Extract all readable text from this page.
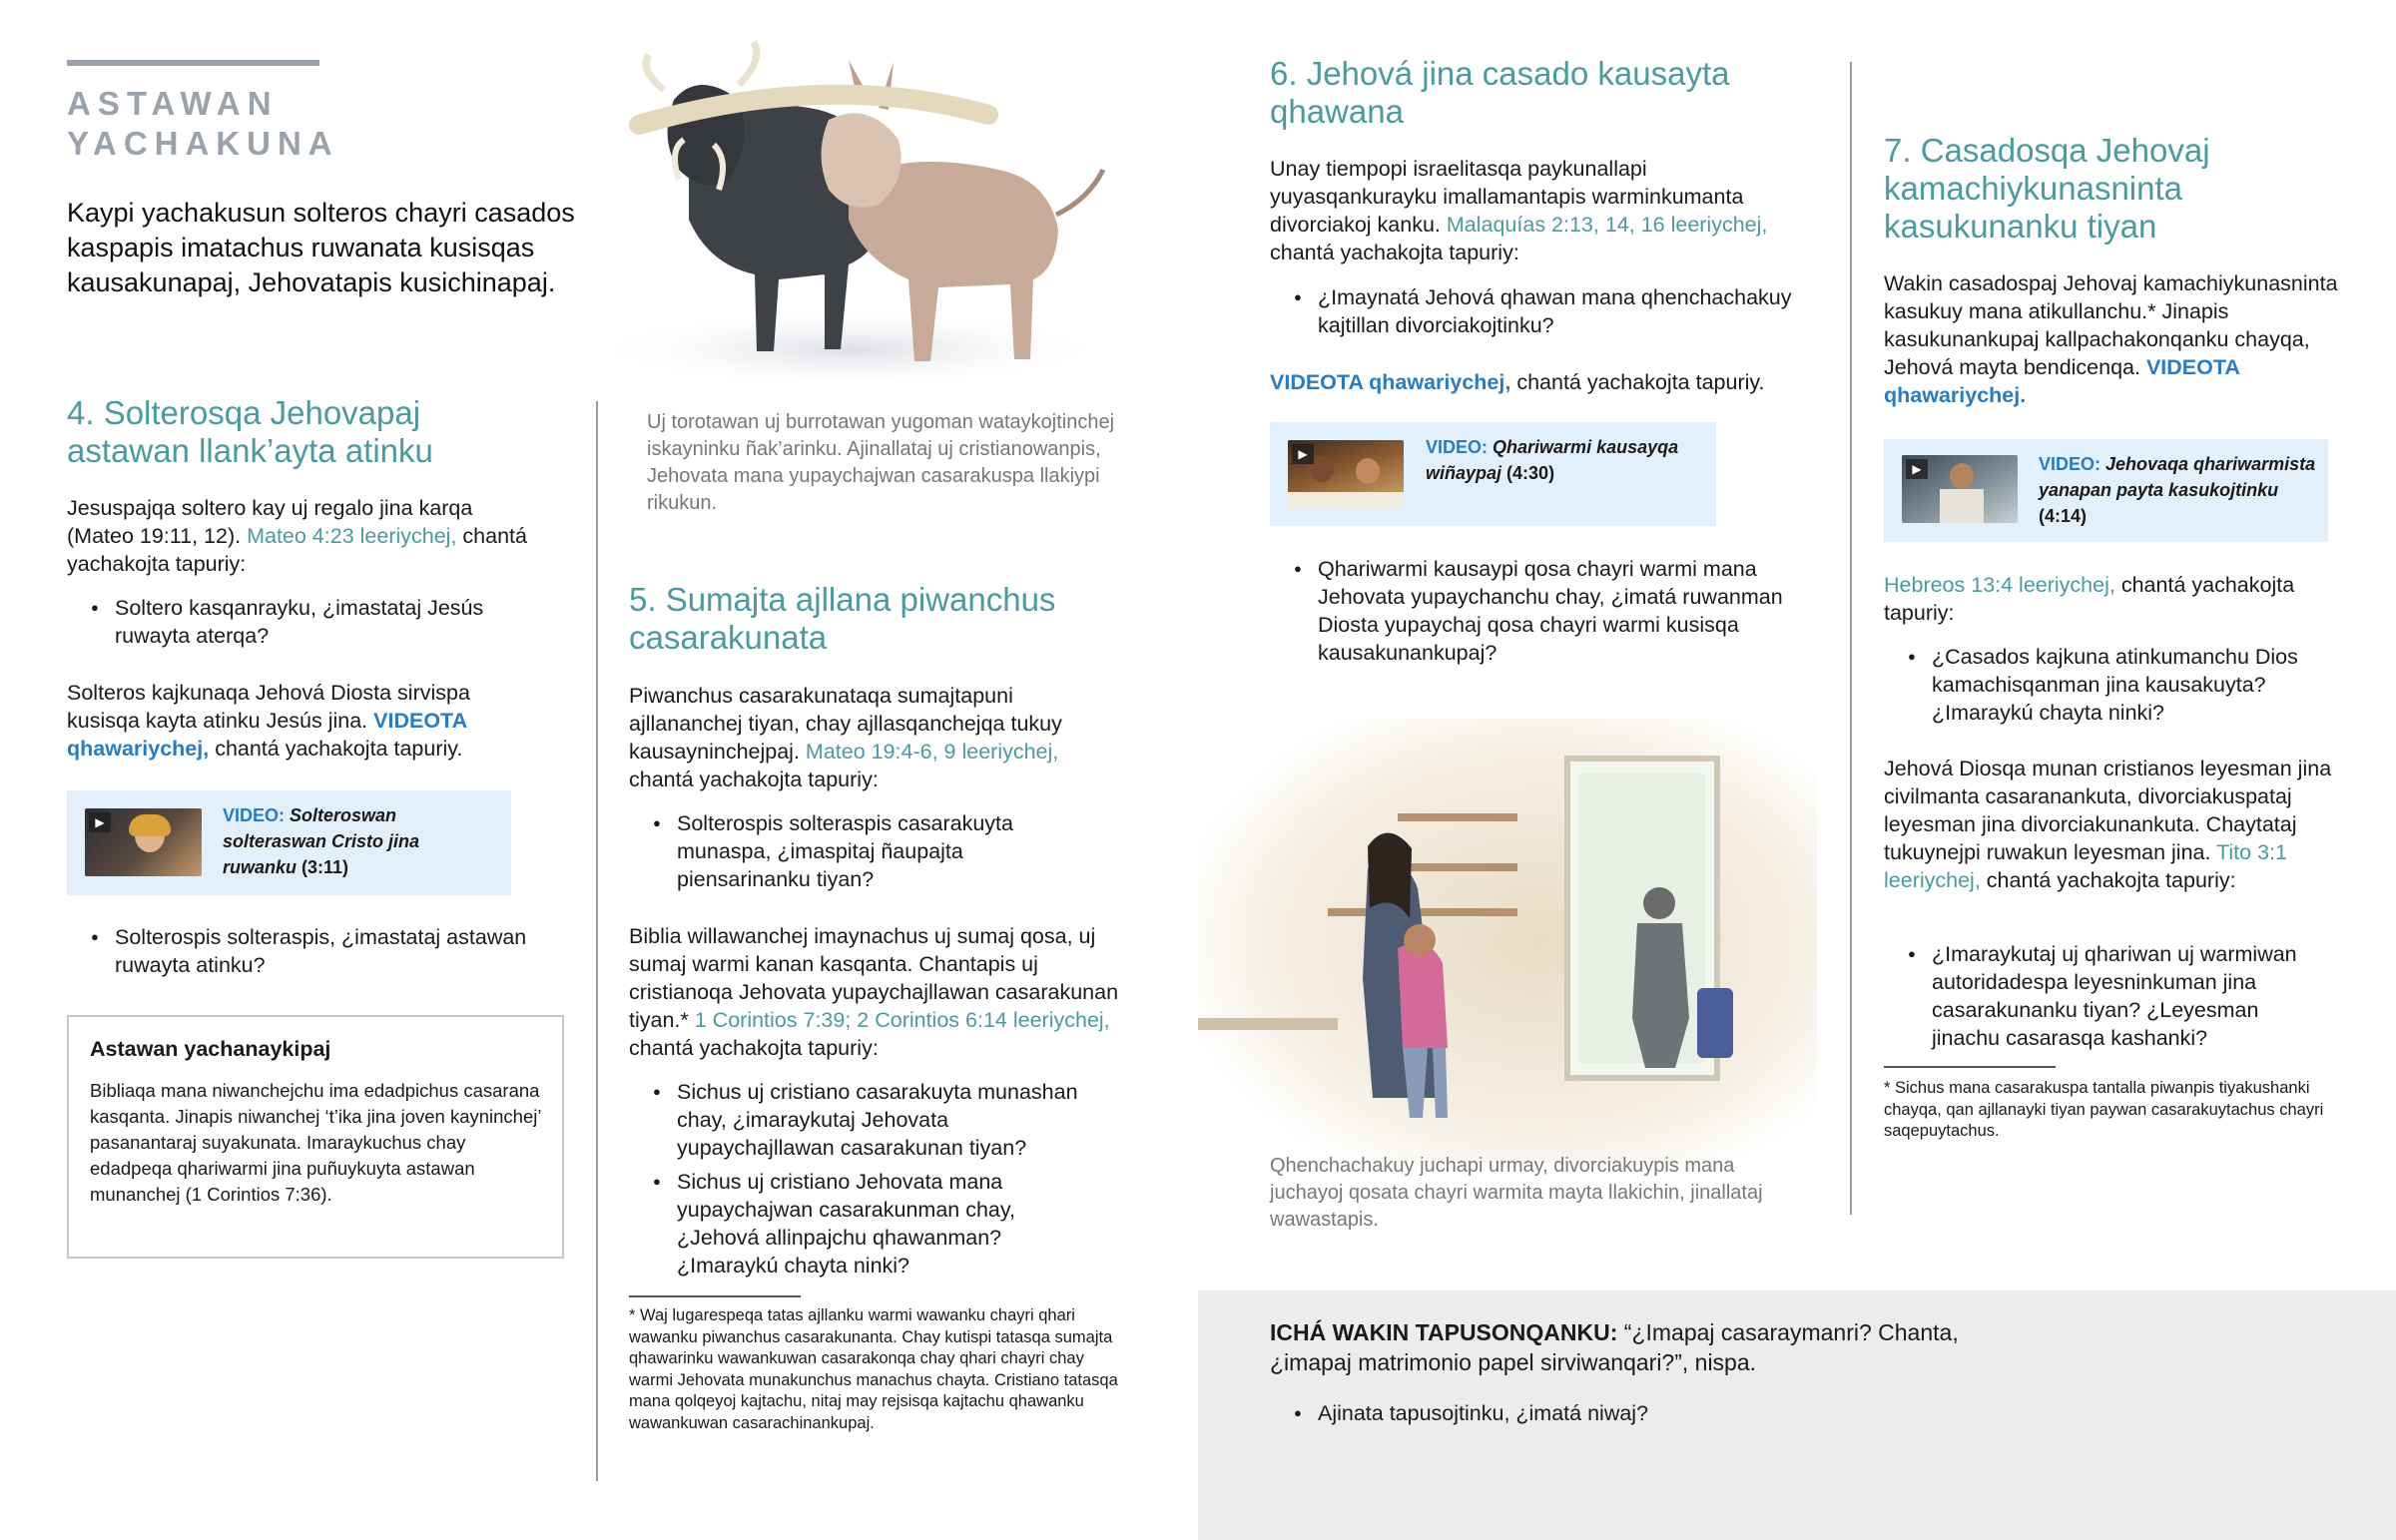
ASTAWAN
YACHAKUNA

Kaypi yachakusun solteros chayri casados kaspapis imatachus ruwanata kusisqas kausakunapaj, Jehovatapis kusichinapaj.

4. Solterosqa Jehovapaj astawan llank’ayta atinku

Jesuspajqa soltero kay uj regalo jina karqa (Mateo 19:11, 12). Mateo 4:23 leeriychej, chantá yachakojta tapuriy:

● Soltero kasqanrayku, ¿imastataj Jesús ruwayta aterqa?

Solteros kajkunaqa Jehová Diosta sirvispa kusisqa kayta atinku Jesús jina. VIDEOTA qhawariychej, chantá yachakojta tapuriy.

▶	VIDEO: Solteroswan solteraswan Cristo jina ruwanku (3:11)
● Solterospis solteraspis, ¿imastataj astawan ruwayta atinku?
Astawan yachanaykipaj
Bibliaqa mana niwanchejchu ima edadpichus casarana kasqanta. Jinapis niwanchej ‘t’ika jina joven kayninchej’ pasanantaraj suyakunata. Imaraykuchus chay edadpeqa qhariwarmi jina puñuykuyta astawan munanchej (1 Corintios 7:36).

Uj torotawan uj burrotawan yugoman wataykojtinchej iskayninku ñak’arinku. Ajinallataj uj cristianowanpis, Jehovata mana yupaychajwan casarakuspa llakiypi rikukun.

5. Sumajta ajllana piwanchus casarakunata

Piwanchus casarakunataqa sumajtapuni ajllananchej tiyan, chay ajllasqanchejqa tukuy kausayninchejpaj. Mateo 19:4-6, 9 leeriychej, chantá yachakojta tapuriy:

● Solterospis solteraspis casarakuyta munaspa, ¿imaspitaj ñaupajta piensarinanku tiyan?

Biblia willawanchej imaynachus uj sumaj qosa, uj sumaj warmi kanan kasqanta. Chantapis uj cristianoqa Jehovata yupaychajllawan casarakunan tiyan.* 1 Corintios 7:39; 2 Corintios 6:14 leeriychej, chantá yachakojta tapuriy:

● Sichus uj cristiano casarakuyta munashan chay, ¿imaraykutaj Jehovata yupaychajllawan casarakunan tiyan?
● Sichus uj cristiano Jehovata mana yupaychajwan casarakunman chay, ¿Jehová allinpajchu qhawanman? ¿Imaraykú chayta ninki?

* Waj lugarespeqa tatas ajllanku warmi wawanku chayri qhari wawanku piwanchus casarakunanta. Chay kutispi tatasqa sumajta qhawarinku wawankuwan casarakonqa chay qhari chayri chay warmi Jehovata munakunchus manachus chayta. Cristiano tatasqa mana qolqeyoj kajtachu, nitaj may rejsisqa kajtachu qhawanku wawankuwan casarachinankupaj.

6. Jehová jina casado kausayta qhawana

Unay tiempopi israelitasqa paykunallapi yuyasqankurayku imallamantapis warminkumanta divorciakoj kanku. Malaquías 2:13, 14, 16 leeriychej, chantá yachakojta tapuriy:

● ¿Imaynatá Jehová qhawan mana qhenchachakuy kajtillan divorciakojtinku?

VIDEOTA qhawariychej, chantá yachakojta tapuriy.

▶	VIDEO: Qhariwarmi kausayqa wiñaypaj (4:30)
● Qhariwarmi kausaypi qosa chayri warmi mana Jehovata yupaychanchu chay, ¿imatá ruwanman Diosta yupaychaj qosa chayri warmi kusisqa kausakunankupaj?

Qhenchachakuy juchapi urmay, divorciakuypis mana juchayoj qosata chayri warmita mayta llakichin, jinallataj wawastapis.

7. Casadosqa Jehovaj kamachiykunasninta kasukunanku tiyan

Wakin casadospaj Jehovaj kamachiykunasninta kasukuy mana atikullanchu.* Jinapis kasukunankupaj kallpachakonqanku chayqa, Jehová mayta bendicenqa. VIDEOTA qhawariychej.

▶	VIDEO: Jehovaqa qhariwarmista yanapan payta kasukojtinku (4:14)

Hebreos 13:4 leeriychej, chantá yachakojta tapuriy:

● ¿Casados kajkuna atinkumanchu Dios kamachisqanman jina kausakuyta? ¿Imaraykú chayta ninki?

Jehová Diosqa munan cristianos leyesman jina civilmanta casaranankuta, divorciakuspataj leyesman jina divorciakunankuta. Chaytataj tukuynejpi ruwakun leyesman jina. Tito 3:1 leeriychej, chantá yachakojta tapuriy:

● ¿Imaraykutaj uj qhariwan uj warmiwan autoridadespa leyesninkuman jina casarakunanku tiyan? ¿Leyesman jinachu casarasqa kashanki?

* Sichus mana casarakuspa tantalla piwanpis tiyakushanki chayqa, qan ajllanayki tiyan paywan casarakuytachus chayri saqepuytachus.

ICHÁ WAKIN TAPUSONQANKU: “¿Imapaj casaraymanri? Chanta, ¿imapaj matrimonio papel sirviwanqari?”, nispa.

● Ajinata tapusojtinku, ¿imatá niwaj?
